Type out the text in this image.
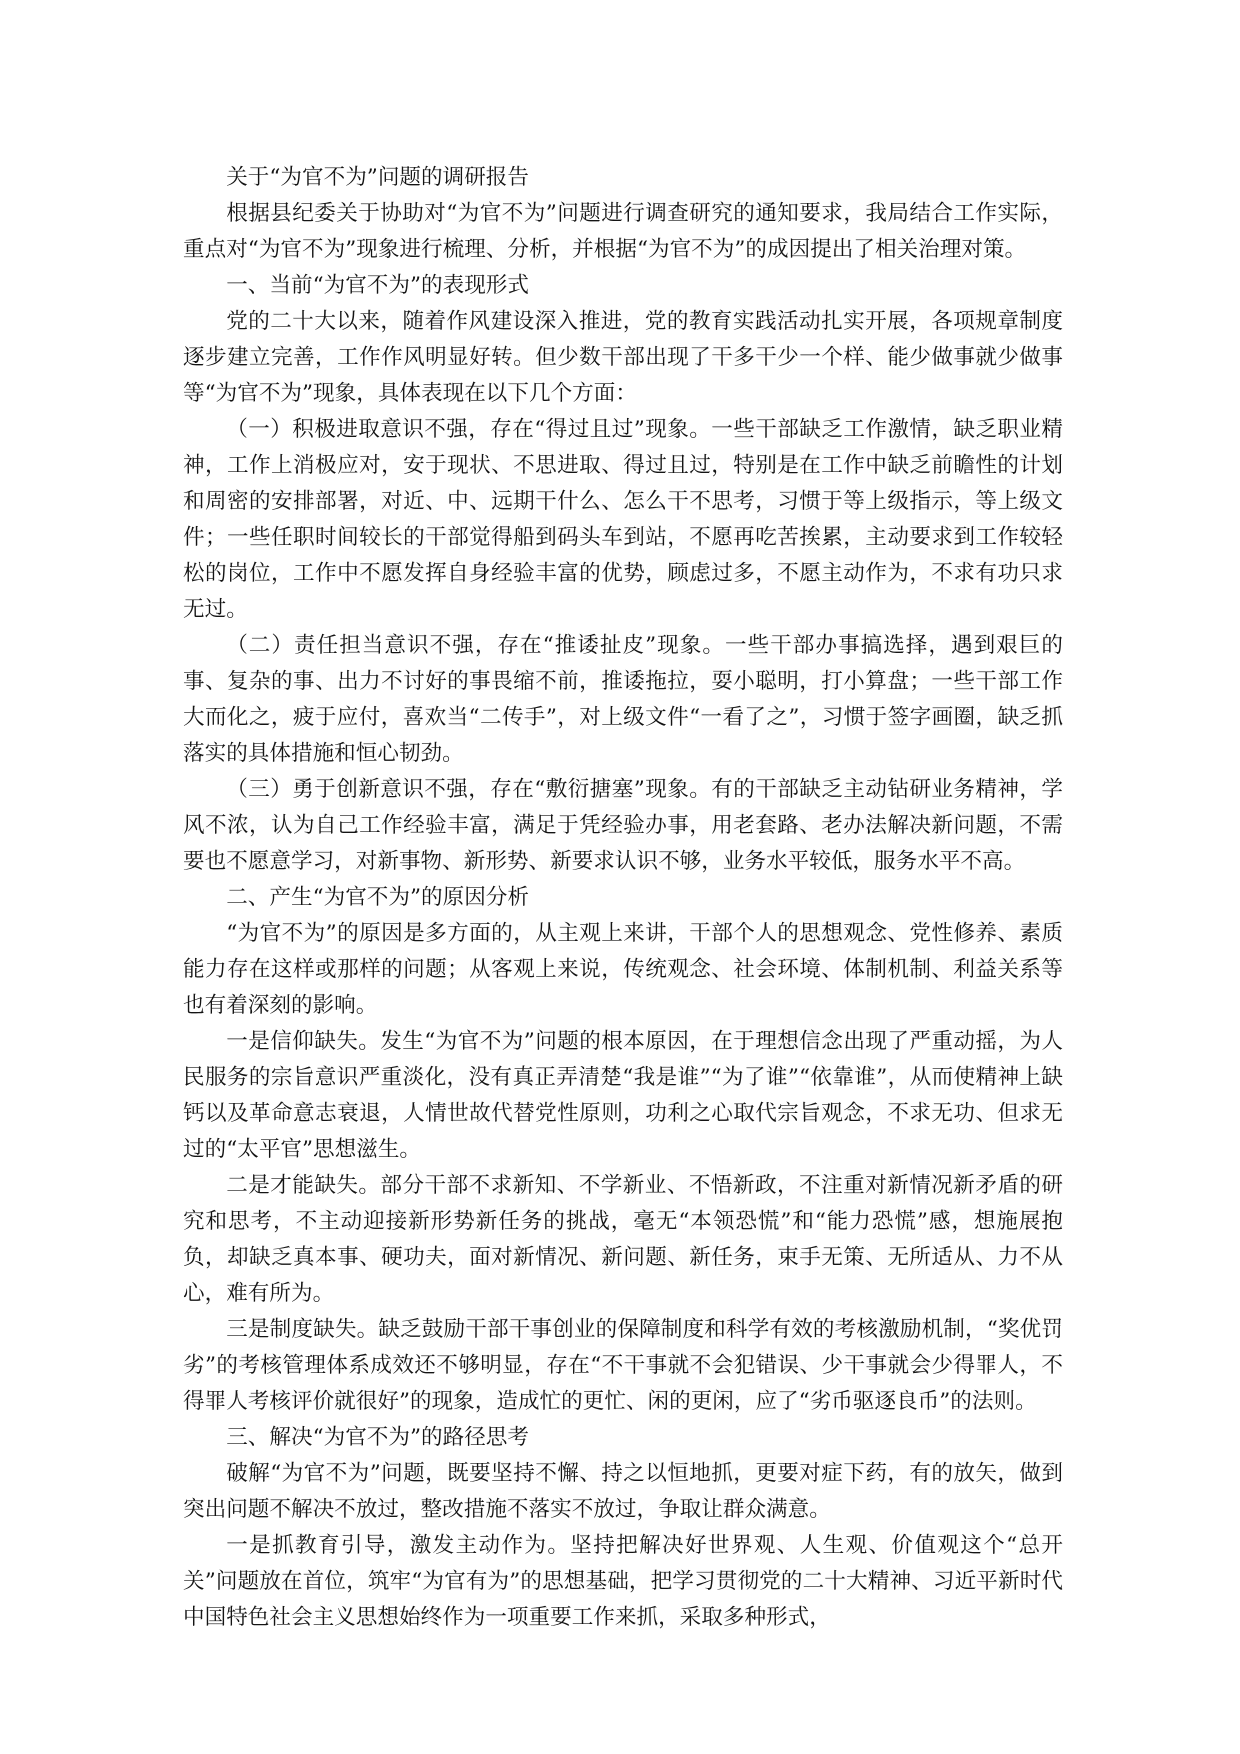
关于“为官不为”问题的调研报告

根据县纪委关于协助对“为官不为”问题进行调查研究的通知要求，我局结合工作实际，重点对“为官不为”现象进行梳理、分析，并根据“为官不为”的成因提出了相关治理对策。

一、当前“为官不为”的表现形式

党的二十大以来，随着作风建设深入推进，党的教育实践活动扎实开展，各项规章制度逐步建立完善，工作作风明显好转。但少数干部出现了干多干少一个样、能少做事就少做事等“为官不为”现象，具体表现在以下几个方面：

（一）积极进取意识不强，存在“得过且过”现象。一些干部缺乏工作激情，缺乏职业精神，工作上消极应对，安于现状、不思进取、得过且过，特别是在工作中缺乏前瞻性的计划和周密的安排部署，对近、中、远期干什么、怎么干不思考，习惯于等上级指示，等上级文件；一些任职时间较长的干部觉得船到码头车到站，不愿再吃苦挨累，主动要求到工作较轻松的岗位，工作中不愿发挥自身经验丰富的优势，顾虑过多，不愿主动作为，不求有功只求无过。

（二）责任担当意识不强，存在“推诿扯皮”现象。一些干部办事搞选择，遇到艰巨的事、复杂的事、出力不讨好的事畏缩不前，推诿拖拉，耍小聪明，打小算盘；一些干部工作大而化之，疲于应付，喜欢当“二传手”，对上级文件“一看了之”，习惯于签字画圈，缺乏抓落实的具体措施和恒心韧劲。

（三）勇于创新意识不强，存在“敷衍搪塞”现象。有的干部缺乏主动钻研业务精神，学风不浓，认为自己工作经验丰富，满足于凭经验办事，用老套路、老办法解决新问题，不需要也不愿意学习，对新事物、新形势、新要求认识不够，业务水平较低，服务水平不高。

二、产生“为官不为”的原因分析

“为官不为”的原因是多方面的，从主观上来讲，干部个人的思想观念、党性修养、素质能力存在这样或那样的问题；从客观上来说，传统观念、社会环境、体制机制、利益关系等也有着深刻的影响。

一是信仰缺失。发生“为官不为”问题的根本原因，在于理想信念出现了严重动摇，为人民服务的宗旨意识严重淡化，没有真正弄清楚“我是谁”“为了谁”“依靠谁”，从而使精神上缺钙以及革命意志衰退，人情世故代替党性原则，功利之心取代宗旨观念，不求无功、但求无过的“太平官”思想滋生。

二是才能缺失。部分干部不求新知、不学新业、不悟新政，不注重对新情况新矛盾的研究和思考，不主动迎接新形势新任务的挑战，毫无“本领恐慌”和“能力恐慌”感，想施展抱负，却缺乏真本事、硬功夫，面对新情况、新问题、新任务，束手无策、无所适从、力不从心，难有所为。

三是制度缺失。缺乏鼓励干部干事创业的保障制度和科学有效的考核激励机制，“奖优罚劣”的考核管理体系成效还不够明显，存在“不干事就不会犯错误、少干事就会少得罪人，不得罪人考核评价就很好”的现象，造成忙的更忙、闲的更闲，应了“劣币驱逐良币”的法则。

三、解决“为官不为”的路径思考

破解“为官不为”问题，既要坚持不懈、持之以恒地抓，更要对症下药，有的放矢，做到突出问题不解决不放过，整改措施不落实不放过，争取让群众满意。

一是抓教育引导，激发主动作为。坚持把解决好世界观、人生观、价值观这个“总开关”问题放在首位，筑牢“为官有为”的思想基础，把学习贯彻党的二十大精神、习近平新时代中国特色社会主义思想始终作为一项重要工作来抓，采取多种形式，
